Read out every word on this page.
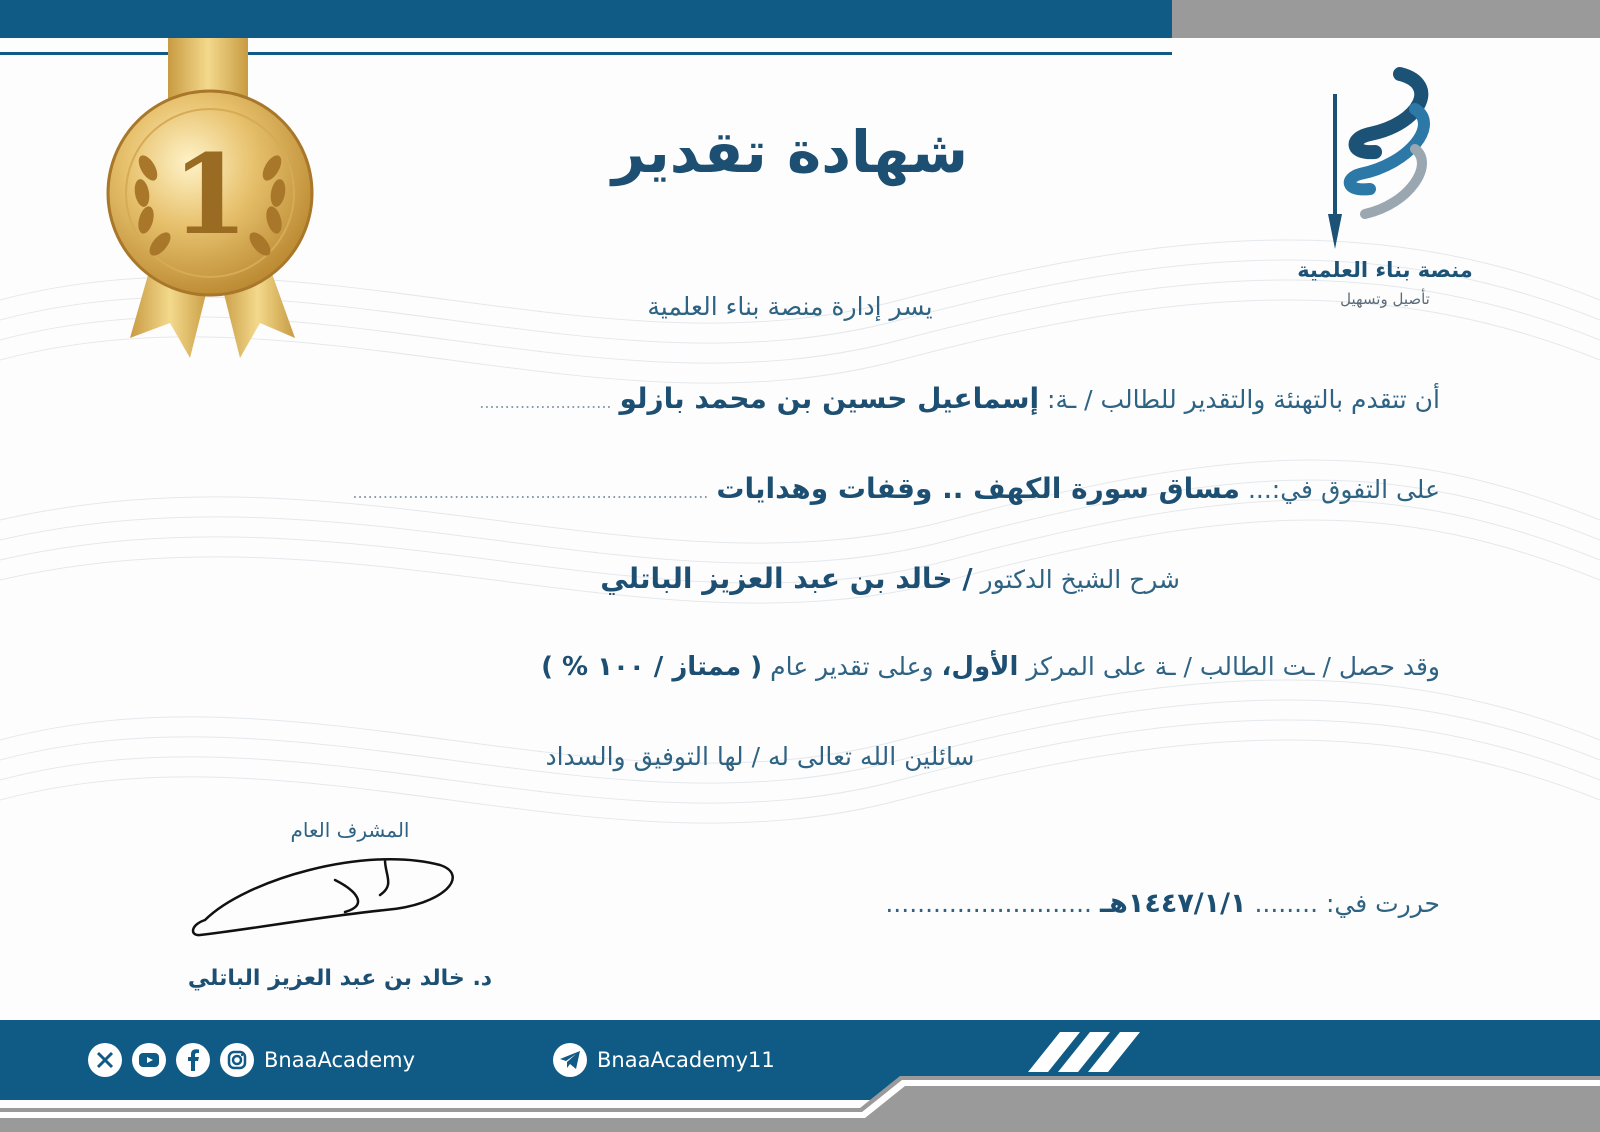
1
منصة بناء العلمية
تأصيل وتسهيل
شهادة تقدير
يسر إدارة منصة بناء العلمية
أن تتقدم بالتهنئة والتقدير للطالب / ـة: إسماعيل حسين بن محمد بازلو ..........................
على التفوق في:... مساق سورة الكهف .. وقفات وهدايات ......................................................................
شرح الشيخ الدكتور / خالد بن عبد العزيز الباتلي
وقد حصل / ـت الطالب / ـة على المركز الأول، وعلى تقدير عام ( ممتاز / ١٠٠ % )
سائلين الله تعالى له / لها التوفيق والسداد
المشرف العام
د. خالد بن عبد العزيز الباتلي
حررت في: ........ ١٤٤٧/١/١هـ ..........................
BnaaAcademy	BnaaAcademy11
